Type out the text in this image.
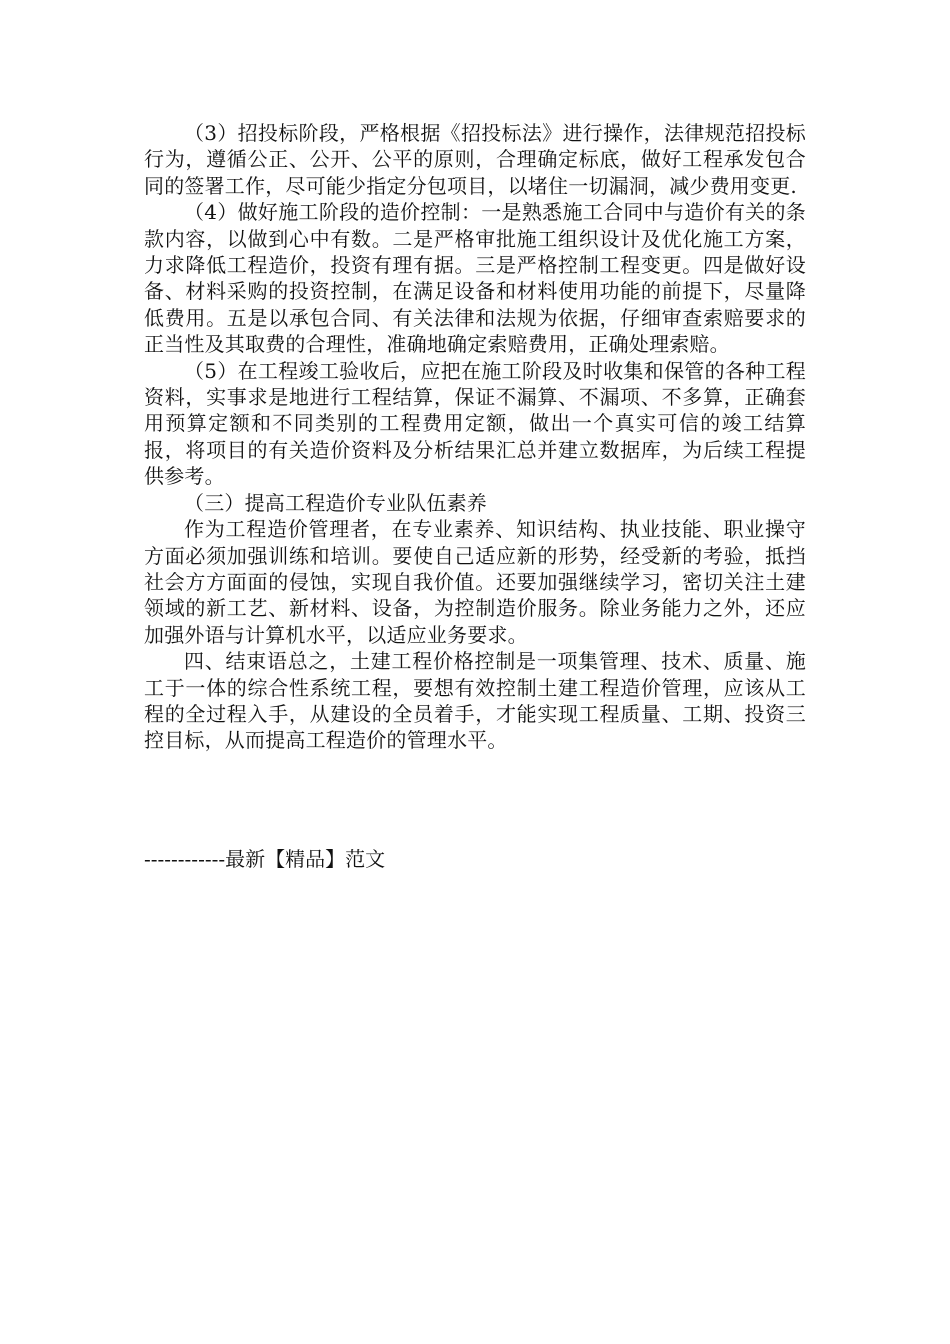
（3）招投标阶段，严格根据《招投标法》进行操作，法律规范招投标行为，遵循公正、公开、公平的原则，合理确定标底，做好工程承发包合同的签署工作，尽可能少指定分包项目，以堵住一切漏洞，减少费用变更.

（4）做好施工阶段的造价控制：一是熟悉施工合同中与造价有关的条款内容，以做到心中有数。二是严格审批施工组织设计及优化施工方案，力求降低工程造价，投资有理有据。三是严格控制工程变更。四是做好设备、材料采购的投资控制，在满足设备和材料使用功能的前提下，尽量降低费用。五是以承包合同、有关法律和法规为依据，仔细审查索赔要求的正当性及其取费的合理性，准确地确定索赔费用，正确处理索赔。

（5）在工程竣工验收后，应把在施工阶段及时收集和保管的各种工程资料，实事求是地进行工程结算，保证不漏算、不漏项、不多算，正确套用预算定额和不同类别的工程费用定额，做出一个真实可信的竣工结算报，将项目的有关造价资料及分析结果汇总并建立数据库，为后续工程提供参考。

（三）提高工程造价专业队伍素养

作为工程造价管理者，在专业素养、知识结构、执业技能、职业操守方面必须加强训练和培训。要使自己适应新的形势，经受新的考验，抵挡社会方方面面的侵蚀，实现自我价值。还要加强继续学习，密切关注土建领域的新工艺、新材料、设备，为控制造价服务。除业务能力之外，还应加强外语与计算机水平，以适应业务要求。

四、结束语总之，土建工程价格控制是一项集管理、技术、质量、施工于一体的综合性系统工程，要想有效控制土建工程造价管理，应该从工程的全过程入手，从建设的全员着手，才能实现工程质量、工期、投资三控目标，从而提高工程造价的管理水平。

------------最新【精品】范文
